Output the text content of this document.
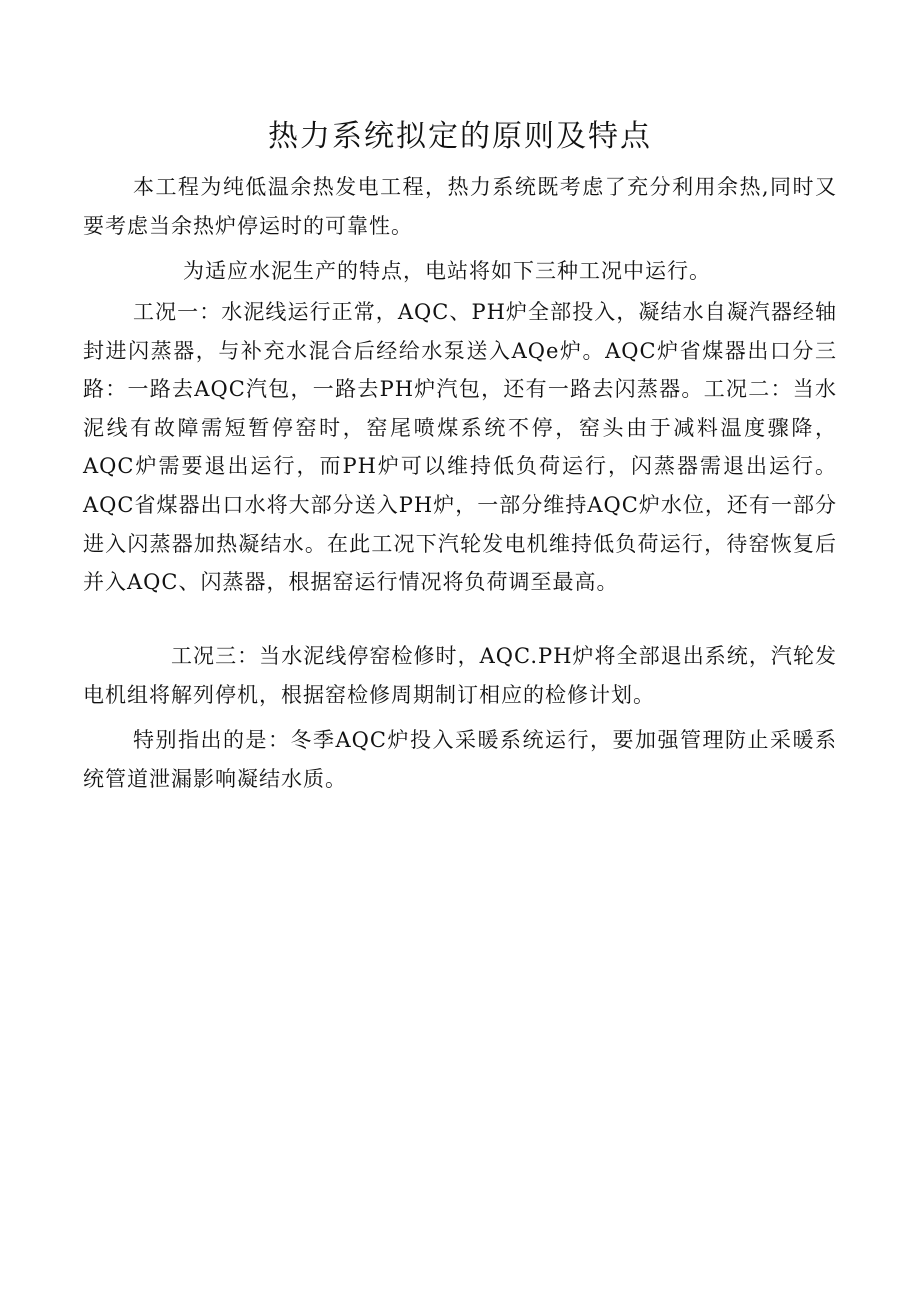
热力系统拟定的原则及特点

本工程为纯低温余热发电工程，热力系统既考虑了充分利用余热,同时又要考虑当余热炉停运时的可靠性。

为适应水泥生产的特点，电站将如下三种工况中运行。

工况一：水泥线运行正常，AQC、PH炉全部投入，凝结水自凝汽器经轴封进闪蒸器，与补充水混合后经给水泵送入AQe炉。AQC炉省煤器出口分三路：一路去AQC汽包，一路去PH炉汽包，还有一路去闪蒸器。工况二：当水泥线有故障需短暂停窑时，窑尾喷煤系统不停，窑头由于减料温度骤降，AQC炉需要退出运行，而PH炉可以维持低负荷运行，闪蒸器需退出运行。AQC省煤器出口水将大部分送入PH炉，一部分维持AQC炉水位，还有一部分进入闪蒸器加热凝结水。在此工况下汽轮发电机维持低负荷运行，待窑恢复后并入AQC、闪蒸器，根据窑运行情况将负荷调至最高。

工况三：当水泥线停窑检修时，AQC.PH炉将全部退出系统，汽轮发电机组将解列停机，根据窑检修周期制订相应的检修计划。

特别指出的是：冬季AQC炉投入采暖系统运行，要加强管理防止采暖系统管道泄漏影响凝结水质。
